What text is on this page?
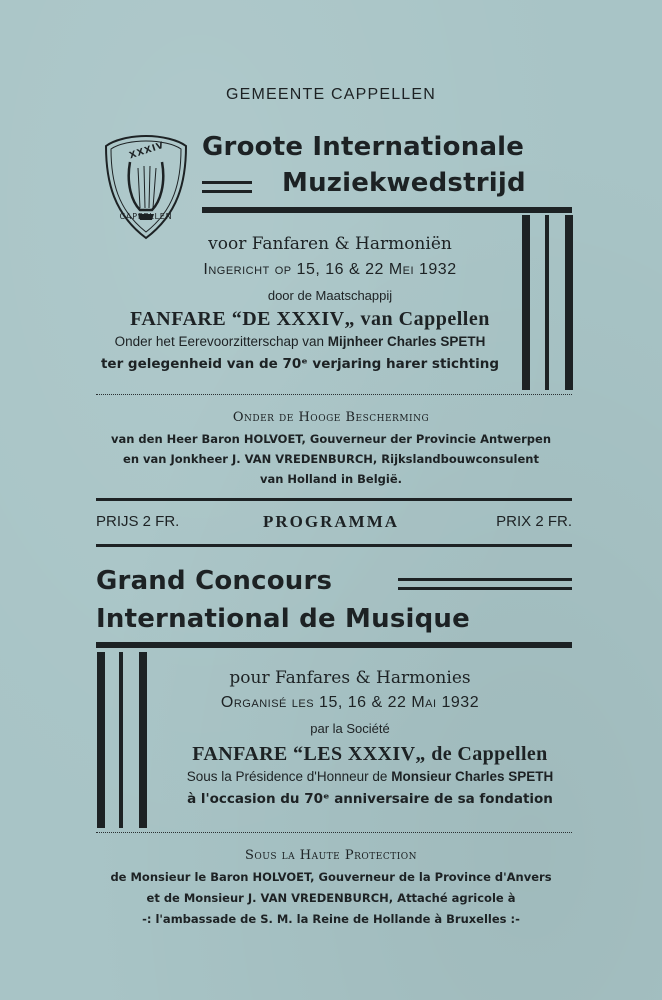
GEMEENTE CAPPELLEN
XXXIV
CAPPELLEN
Groote Internationale
Muziekwedstrijd
voor Fanfaren & Harmoniën
Ingericht op 15, 16 & 22 Mei 1932
door de Maatschappij
FANFARE “DE XXXIV„ van Cappellen
Onder het Eerevoorzitterschap van Mijnheer Charles SPETH
ter gelegenheid van de 70ᵉ verjaring harer stichting
Onder de Hooge Bescherming
van den Heer Baron HOLVOET, Gouverneur der Provincie Antwerpen
en van Jonkheer J. VAN VREDENBURCH, Rijkslandbouwconsulent
van Holland in België.
PRIJS 2 FR.	PROGRAMMA	PRIX 2 FR.
Grand Concours
International de Musique
pour Fanfares & Harmonies
Organisé les 15, 16 & 22 Mai 1932
par la Société
FANFARE “LES XXXIV„ de Cappellen
Sous la Présidence d'Honneur de Monsieur Charles SPETH
à l'occasion du 70ᵉ anniversaire de sa fondation
Sous la Haute Protection
de Monsieur le Baron HOLVOET, Gouverneur de la Province d'Anvers
et de Monsieur J. VAN VREDENBURCH, Attaché agricole à
-: l'ambassade de S. M. la Reine de Hollande à Bruxelles :-
